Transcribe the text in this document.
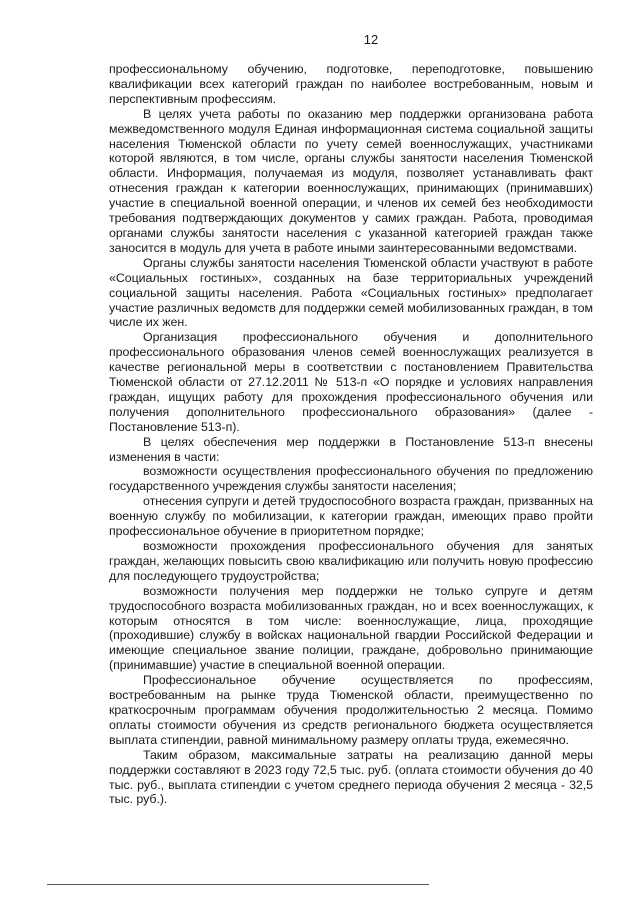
12

профессиональному обучению, подготовке, переподготовке, повышению квалификации всех категорий граждан по наиболее востребованным, новым и перспективным профессиям.

В целях учета работы по оказанию мер поддержки организована работа межведомственного модуля Единая информационная система социальной защиты населения Тюменской области по учету семей военнослужащих, участниками которой являются, в том числе, органы службы занятости населения Тюменской области. Информация, получаемая из модуля, позволяет устанавливать факт отнесения граждан к категории военнослужащих, принимающих (принимавших) участие в специальной военной операции, и членов их семей без необходимости требования подтверждающих документов у самих граждан. Работа, проводимая органами службы занятости населения с указанной категорией граждан также заносится в модуль для учета в работе иными заинтересованными ведомствами.

Органы службы занятости населения Тюменской области участвуют в работе «Социальных гостиных», созданных на базе территориальных учреждений социальной защиты населения. Работа «Социальных гостиных» предполагает участие различных ведомств для поддержки семей мобилизованных граждан, в том числе их жен.

Организация профессионального обучения и дополнительного профессионального образования членов семей военнослужащих реализуется в качестве региональной меры в соответствии с постановлением Правительства Тюменской области от 27.12.2011 № 513-п «О порядке и условиях направления граждан, ищущих работу для прохождения профессионального обучения или получения дополнительного профессионального образования» (далее - Постановление 513-п).

В целях обеспечения мер поддержки в Постановление 513-п внесены изменения в части:

возможности осуществления профессионального обучения по предложению государственного учреждения службы занятости населения;

отнесения супруги и детей трудоспособного возраста граждан, призванных на военную службу по мобилизации, к категории граждан, имеющих право пройти профессиональное обучение в приоритетном порядке;

возможности прохождения профессионального обучения для занятых граждан, желающих повысить свою квалификацию или получить новую профессию для последующего трудоустройства;

возможности получения мер поддержки не только супруге и детям трудоспособного возраста мобилизованных граждан, но и всех военнослужащих, к которым относятся в том числе: военнослужащие, лица, проходящие (проходившие) службу в войсках национальной гвардии Российской Федерации и имеющие специальное звание полиции, граждане, добровольно принимающие (принимавшие) участие в специальной военной операции.

Профессиональное обучение осуществляется по профессиям, востребованным на рынке труда Тюменской области, преимущественно по краткосрочным программам обучения продолжительностью 2 месяца. Помимо оплаты стоимости обучения из средств регионального бюджета осуществляется выплата стипендии, равной минимальному размеру оплаты труда, ежемесячно.

Таким образом, максимальные затраты на реализацию данной меры поддержки составляют в 2023 году 72,5 тыс. руб. (оплата стоимости обучения до 40 тыс. руб., выплата стипендии с учетом среднего периода обучения 2 месяца - 32,5 тыс. руб.).
